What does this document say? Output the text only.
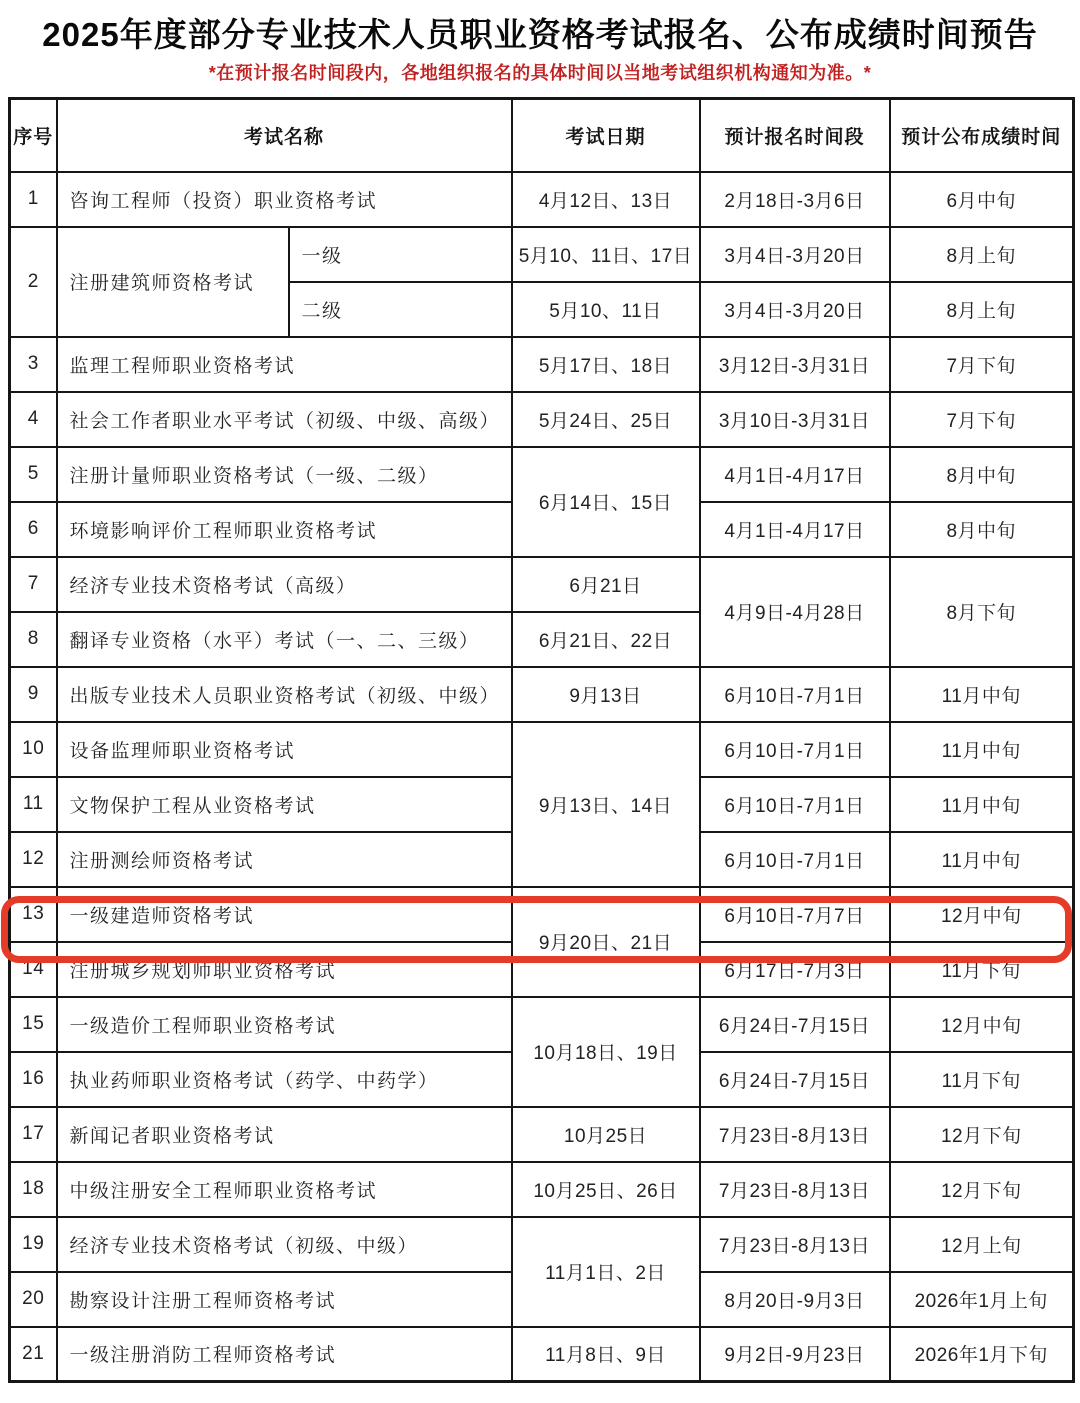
2025年度部分专业技术人员职业资格考试报名、公布成绩时间预告
*在预计报名时间段内，各地组织报名的具体时间以当地考试组织机构通知为准。*
序号	考试名称		考试日期	预计报名时间段	预计公布成绩时间
1	咨询工程师（投资）职业资格考试		4月12日、13日	2月18日-3月6日	6月中旬
2	注册建筑师资格考试	一级	5月10、11日、17日	3月4日-3月20日	8月上旬
		二级	5月10、11日	3月4日-3月20日	8月上旬
3	监理工程师职业资格考试		5月17日、18日	3月12日-3月31日	7月下旬
4	社会工作者职业水平考试（初级、中级、高级）		5月24日、25日	3月10日-3月31日	7月下旬
5	注册计量师职业资格考试（一级、二级）		6月14日、15日	4月1日-4月17日	8月中旬
6	环境影响评价工程师职业资格考试			4月1日-4月17日	8月中旬
7	经济专业技术资格考试（高级）		6月21日	4月9日-4月28日	8月下旬
8	翻译专业资格（水平）考试（一、二、三级）		6月21日、22日		
9	出版专业技术人员职业资格考试（初级、中级）		9月13日	6月10日-7月1日	11月中旬
10	设备监理师职业资格考试		9月13日、14日	6月10日-7月1日	11月中旬
11	文物保护工程从业资格考试			6月10日-7月1日	11月中旬
12	注册测绘师资格考试			6月10日-7月1日	11月中旬
13	一级建造师资格考试		9月20日、21日	6月10日-7月7日	12月中旬
14	注册城乡规划师职业资格考试			6月17日-7月3日	11月下旬
15	一级造价工程师职业资格考试		10月18日、19日	6月24日-7月15日	12月中旬
16	执业药师职业资格考试（药学、中药学）			6月24日-7月15日	11月下旬
17	新闻记者职业资格考试		10月25日	7月23日-8月13日	12月下旬
18	中级注册安全工程师职业资格考试		10月25日、26日	7月23日-8月13日	12月下旬
19	经济专业技术资格考试（初级、中级）		11月1日、2日	7月23日-8月13日	12月上旬
20	勘察设计注册工程师资格考试			8月20日-9月3日	2026年1月上旬
21	一级注册消防工程师资格考试		11月8日、9日	9月2日-9月23日	2026年1月下旬
